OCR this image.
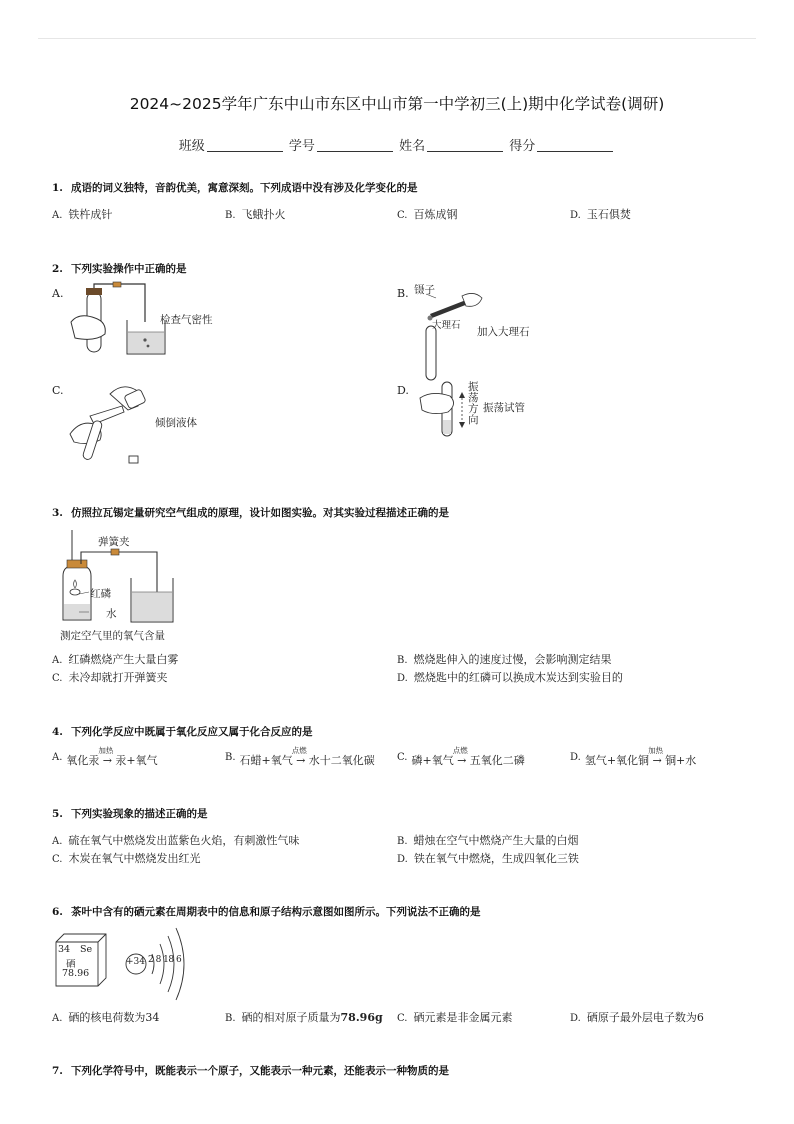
2024~2025学年广东中山市东区中山市第一中学初三(上)期中化学试卷(调研)
班级	学号	姓名	得分
1. 成语的词义独特，音韵优美，寓意深刻。下列成语中没有涉及化学变化的是
A. 铁杵成针	B. 飞蛾扑火	C. 百炼成钢	D. 玉石俱焚
2. 下列实验操作中正确的是
A.
检查气密性
B. 镊子
大理石
加入大理石
C.
倾倒液体
D.	振荡方向
振荡试管
3. 仿照拉瓦锡定量研究空气组成的原理，设计如图实验。对其实验过程描述正确的是
弹簧夹
红磷
水
测定空气里的氧气含量
A. 红磷燃烧产生大量白雾	B. 燃烧匙伸入的速度过慢，会影响测定结果
C. 未冷却就打开弹簧夹	D. 燃烧匙中的红磷可以换成木炭达到实验目的
4. 下列化学反应中既属于氧化反应又属于化合反应的是
A. 氧化汞 →
加热
汞+氧气	B. 石蜡+氧气 →
点燃
水十二氧化碳 C. 磷+氧气 →
点燃
五氧化二磷	D. 氢气+氧化铜 →
加热
铜+水
5. 下列实验现象的描述正确的是
A. 硫在氧气中燃烧发出蓝紫色火焰，有刺激性气味	B. 蜡烛在空气中燃烧产生大量的白烟
C. 木炭在氧气中燃烧发出红光	D. 铁在氧气中燃烧，生成四氧化三铁
6. 茶叶中含有的硒元素在周期表中的信息和原子结构示意图如图所示。下列说法不正确的是
34 Se
硒
78.96
+34 2 8 18 6
A. 硒的核电荷数为34	B. 硒的相对原子质量为78.96g C. 硒元素是非金属元素	D. 硒原子最外层电子数为6
7. 下列化学符号中，既能表示一个原子，又能表示一种元素，还能表示一种物质的是
